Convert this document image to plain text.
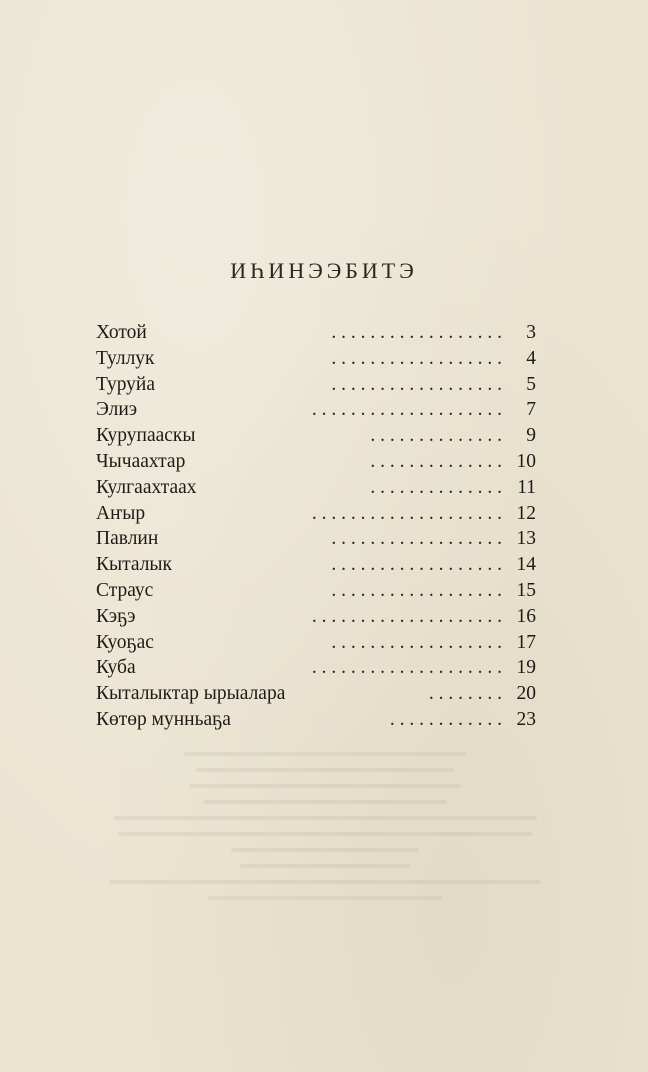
ИҺИНЭЭБИТЭ
Хотой	. . . . . . . . . . . . . . . . . .	3
Туллук	. . . . . . . . . . . . . . . . . .	4
Туруйа	. . . . . . . . . . . . . . . . . .	5
Элиэ	. . . . . . . . . . . . . . . . . . . .	7
Курупааскы	. . . . . . . . . . . . . .	9
Чычаахтар	. . . . . . . . . . . . . . 10
Кулгаахтаах	. . . . . . . . . . . . . . 11
Аҥыр	. . . . . . . . . . . . . . . . . . . . 12
Павлин	. . . . . . . . . . . . . . . . . . 13
Кыталык	. . . . . . . . . . . . . . . . . . 14
Страус	. . . . . . . . . . . . . . . . . . 15
Кэҕэ	. . . . . . . . . . . . . . . . . . . . 16
Куоҕас	. . . . . . . . . . . . . . . . . . 17
Куба	. . . . . . . . . . . . . . . . . . . . 19
Кыталыктар ырыалара	. . . . . . . . 20
Көтөр мунньаҕа	. . . . . . . . . . . . 23
